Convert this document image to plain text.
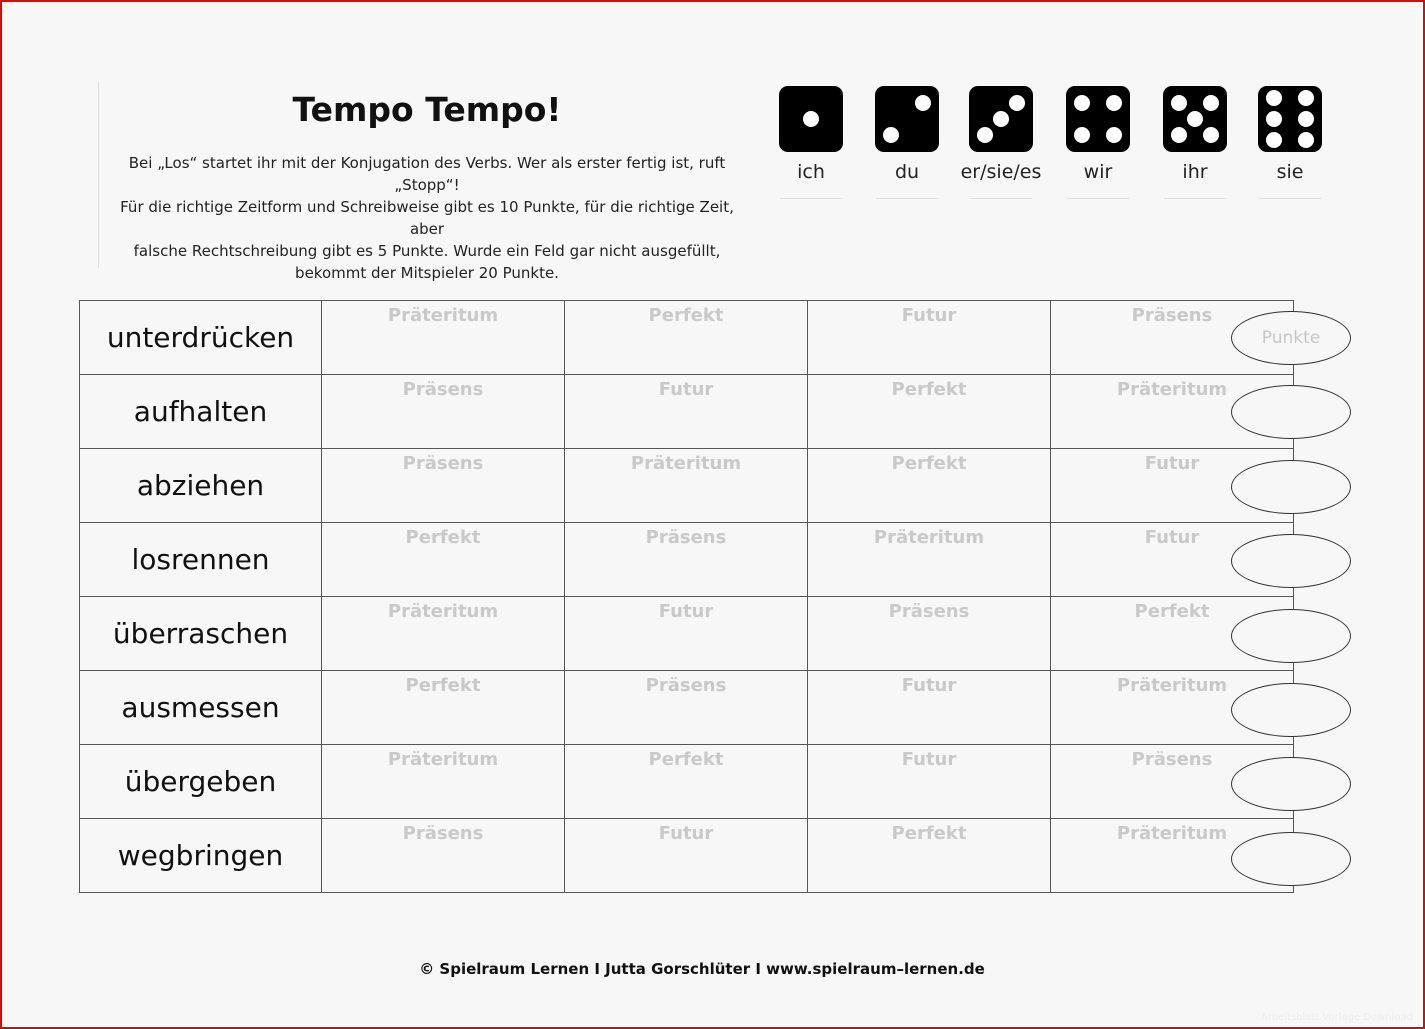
Tempo Tempo!
Bei „Los“ startet ihr mit der Konjugation des Verbs. Wer als erster fertig ist, ruft „Stopp“!
Für die richtige Zeitform und Schreibweise gibt es 10 Punkte, für die richtige Zeit, aber
falsche Rechtschreibung gibt es 5 Punkte. Wurde ein Feld gar nicht ausgefüllt,
bekommt der Mitspieler 20 Punkte.
ich	du	er/sie/es	wir	ihr	sie
unterdrücken	Präteritum	Perfekt	Futur	Präsens

aufhalten	Präsens	Futur	Perfekt	Präteritum

abziehen	Präsens	Präteritum	Perfekt	Futur

losrennen	Perfekt	Präsens	Präteritum	Futur

überraschen	Präteritum	Futur	Präsens	Perfekt

ausmessen	Perfekt	Präsens	Futur	Präteritum

übergeben	Präteritum	Perfekt	Futur	Präsens

wegbringen	Präsens	Futur	Perfekt	Präteritum
Punkte
© Spielraum Lernen I Jutta Gorschlüter I www.spielraum–lernen.de
Arbeitsblatt Vorlage Download
